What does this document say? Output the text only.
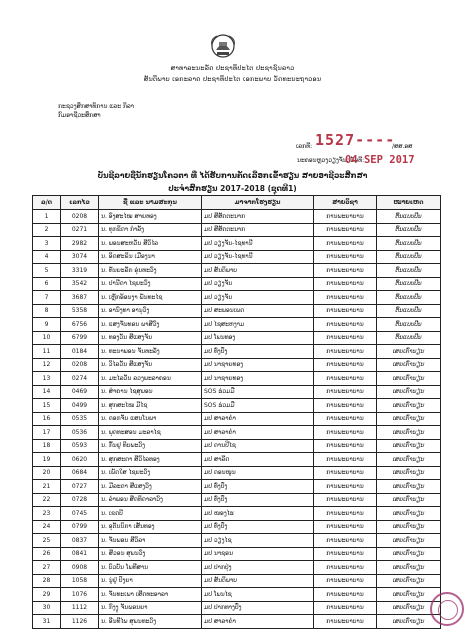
ສາທາລະນະລັດ ປະຊາທິປະໄຕ ປະຊາຊົນລາວ
ສັນຕິພາບ ເອກະລາດ ປະຊາທິປະໄຕ ເອກະພາບ ວັດທະນະຖາວອນ
ກະຊວງສຶກສາທິການ ແລະ ກິລາ
ກົມອາຊີວະສຶກສາ
ເລກທີ: 1527----
/ສສ.ອສ
ນະຄອນຫຼວງວຽງຈັນ, ວັນທີ:
04 SEP 2017
ບັນຊີລາຍຊື່ນັກຮຽນໂຄວຕາ ທີ່ ໄດ້ຮັບການຄັດເລືອກເຂົ້າຮຽນ ສາຍອາຊີວະສຶກສາ
ປະຈຳສົກຮຽນ 2017-2018 (ຊຸດທີ1)
ລ/ດ	ເລກໄວ	ຊື່ ແລະ ນາມສະກຸນ	ມາຈາກໂຮງຮຽນ	ສາຍວິຊາ	ໝາຍເຫດ
1	0208	ນ. ອົງສະໄໝ ສາຍທອງ	ມປ ສີສັດຕະນາກ	ການພະຍາບານ	ຕົ້ນແບບປີນ
2	0271	ນ. ທຸກຂິດາ ກຳລັງ	ມປ ສີສັດຕະນາກ	ການພະຍາບານ	ຕົ້ນແບບປີນ
3	2982	ນ. ພອນສະຫວັນ ສີວິໄລ	ມປ ວຽງຈັນ-ໄຊທານີ	ການພະຍາບານ	ຕົ້ນແບບປີນ
4	3074	ນ. ອິດສະຣິນ ເມືອງນາ	ມປ ວຽງຈັນ-ໄຊທານີ	ການພະຍາບານ	ຕົ້ນແບບປີນ
5	3319	ນ. ທັນຍະລັກ ອຸ່ນທະວົງ	ມປ ສັນຕິພາບ	ການພະຍາບານ	ຕົ້ນແບບປີນ
6	3542	ນ. ປານີດາ ໄຊຍະວົງ	ມປ ວຽງຈັນ	ການພະຍາບານ	ຕົ້ນແບບປີນ
7	3687	ນ. ເຫຼັກອ້ອນງາ ພັນທະໄຊ	ມປ ວຽງຈັນ	ການພະຍາບານ	ຕົ້ນແບບປີນ
8	5358	ນ. ອານົງທາ ອານຸວົງ	ມປ ສະພອນເພດ	ການພະຍາບານ	ຕົ້ນແບບປີນ
9	6756	ນ. ແສງຈັນທອນ ພາສີວົງ	ມປ ໄຊສະຫງາມ	ການພະຍາບານ	ຕົ້ນແບບປີນ
10	6799	ນ. ທອງວັນ ສີແສງຈັນ	ມປ ໂພນທອງ	ການພະຍາບານ	ຕົ້ນແບບປີນ
11	0184	ນ. ທະນາພອນ ຈັນທະລັງ	ມປ ທົ່ງປົ່ງ	ການພະຍາບານ	ເສຍເກົ່ານຽນ
12	0208	ນ. ວິໄລວັນ ສີແສງຈັນ	ມປ ນາຊາຍທອງ	ການພະຍາບານ	ເສຍເກົ່ານຽນ
13	0274	ນ. ມະໄລວັນ ລວງພະລາຄອນ	ມປ ນາຊາຍທອງ	ການພະຍາບານ	ເສຍເກົ່ານຽນ
14	0469	ນ. ສຳຄານ ໄຊສຸພອນ	SOS ຮ່ວມມື	ການພະຍາບານ	ເສຍເກົ່ານຽນ
15	0499	ນ. ສຸກສະໄໝ ມີໄຊ	SOS ຮ່ວມມື	ການພະຍາບານ	ເສຍເກົ່ານຽນ
16	0535	ນ. ດອກຈັນ ແສນໂນພາ	ມປ ສາລາຄຳ	ການພະຍາບານ	ເສຍເກົ່ານຽນ
17	0536	ນ. ພຸດທະສອນ ມະລາໄຊ	ມປ ສາລາຄຳ	ການພະຍາບານ	ເສຍເກົ່ານຽນ
18	0593	ນ. ກົ້ນຢູ ທິບພະວົງ	ມປ ດານປີໄຊ	ການພະຍາບານ	ເສຍເກົ່ານຽນ
19	0620	ນ. ສຸກສະດາ ສີວິໄລທອງ	ມປ ສາລີດ	ການພະຍາບານ	ເສຍເກົ່ານຽນ
20	0684	ນ. ເພັດໃສ ໄຊຍະວົງ	ມປ ດອນໜູນ	ການພະຍາບານ	ເສຍເກົ່ານຽນ
21	0727	ນ. ມີລະດາ ສີແສງວົງ	ມປ ທົ່ງປົ່ງ	ການພະຍາບານ	ເສຍເກົ່ານຽນ
22	0728	ນ. ລຳພອນ ສີດທິດາລາວົງ	ມປ ທົ່ງປົ່ງ	ການພະຍາບານ	ເສຍເກົ່ານຽນ
23	0745	ນ. ເຂດບີ	ມປ ໜອງໄຮ	ການພະຍາບານ	ເສຍເກົ່ານຽນ
24	0799	ນ. ອຸຕັນນິກາ ເສັ້ນທອງ	ມປ ທົ່ງປົ່ງ	ການພະຍາບານ	ເສຍເກົ່ານຽນ
25	0837	ນ. ຈັນພອນ ສີວິລາ	ມປ ວຽງໄຊ	ການພະຍາບານ	ເສຍເກົ່ານຽນ
26	0841	ນ. ສີວອນ ສຸພນວົງ	ມປ ນາຊອນ	ການພະຍາບານ	ເສຍເກົ່ານຽນ
27	0908	ນ. ບົວບັນ ໂພທີສານ	ມປ ປາກປຸ່ງ	ການພະຍາບານ	ເສຍເກົ່ານຽນ
28	1058	ນ. ນູ່ຢູ່ ປົງຍາ	ມປ ສັນຕິພາບ	ການພະຍາບານ	ເສຍເກົ່ານຽນ
29	1076	ນ. ຈັນທະເພາ ເສີດທະອາລາ	ມປ ໂພນໄຊ	ການພະຍາບານ	ເສຍເກົ່ານຽນ
30	1112	ນ. ກົງງູ ຈັນພອນຍາ	ມປ ປາກທາງປົ່ງ	ການພະຍາບານ	ເສຍເກົ່ານຽນ
31	1126	ນ. ອີນທີໄພ ສຸພນທະວົງ	ມປ ສາລາຄຳ	ການພະຍາບານ	ເສຍເກົ່ານຽນ
